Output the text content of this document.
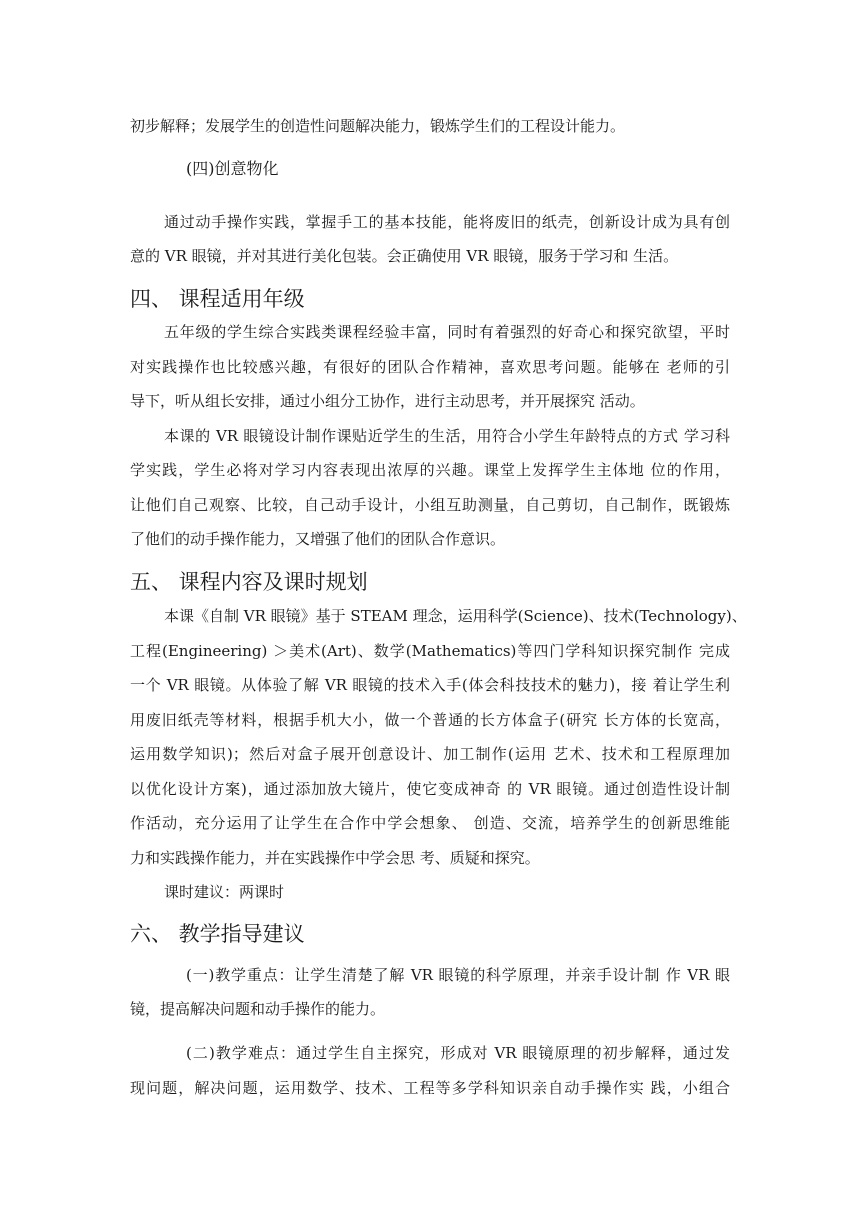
初步解释；发展学生的创造性问题解决能力，锻炼学生们的工程设计能力。
(四)创意物化
通过动手操作实践，掌握手工的基本技能，能将废旧的纸壳，创新设计成为具有创
意的 VR 眼镜，并对其进行美化包装。会正确使用 VR 眼镜，服务于学习和 生活。
四、 课程适用年级
五年级的学生综合实践类课程经验丰富，同时有着强烈的好奇心和探究欲望，平时
对实践操作也比较感兴趣，有很好的团队合作精神，喜欢思考问题。能够在 老师的引
导下，听从组长安排，通过小组分工协作，进行主动思考，并开展探究 活动。
本课的 VR 眼镜设计制作课贴近学生的生活，用符合小学生年龄特点的方式 学习科
学实践，学生必将对学习内容表现出浓厚的兴趣。课堂上发挥学生主体地 位的作用，
让他们自己观察、比较，自己动手设计，小组互助测量，自己剪切，自己制作，既锻炼
了他们的动手操作能力，又增强了他们的团队合作意识。
五、 课程内容及课时规划
本课《自制 VR 眼镜》基于 STEAM 理念，运用科学(Science)、技术(Technology)、
工程(Engineering) ＞美术(Art)、数学(Mathematics)等四门学科知识探究制作 完成
一个 VR 眼镜。从体验了解 VR 眼镜的技术入手(体会科技技术的魅力)，接 着让学生利
用废旧纸壳等材料，根据手机大小，做一个普通的长方体盒子(研究 长方体的长宽高，
运用数学知识)；然后对盒子展开创意设计、加工制作(运用 艺术、技术和工程原理加
以优化设计方案)，通过添加放大镜片，使它变成神奇 的 VR 眼镜。通过创造性设计制
作活动，充分运用了让学生在合作中学会想象、 创造、交流，培养学生的创新思维能
力和实践操作能力，并在实践操作中学会思 考、质疑和探究。
课时建议：两课时
六、 教学指导建议
(一)教学重点：让学生清楚了解 VR 眼镜的科学原理，并亲手设计制 作 VR 眼
镜，提高解决问题和动手操作的能力。
(二)教学难点：通过学生自主探究，形成对 VR 眼镜原理的初步解释，通过发
现问题，解决问题，运用数学、技术、工程等多学科知识亲自动手操作实 践，小组合
